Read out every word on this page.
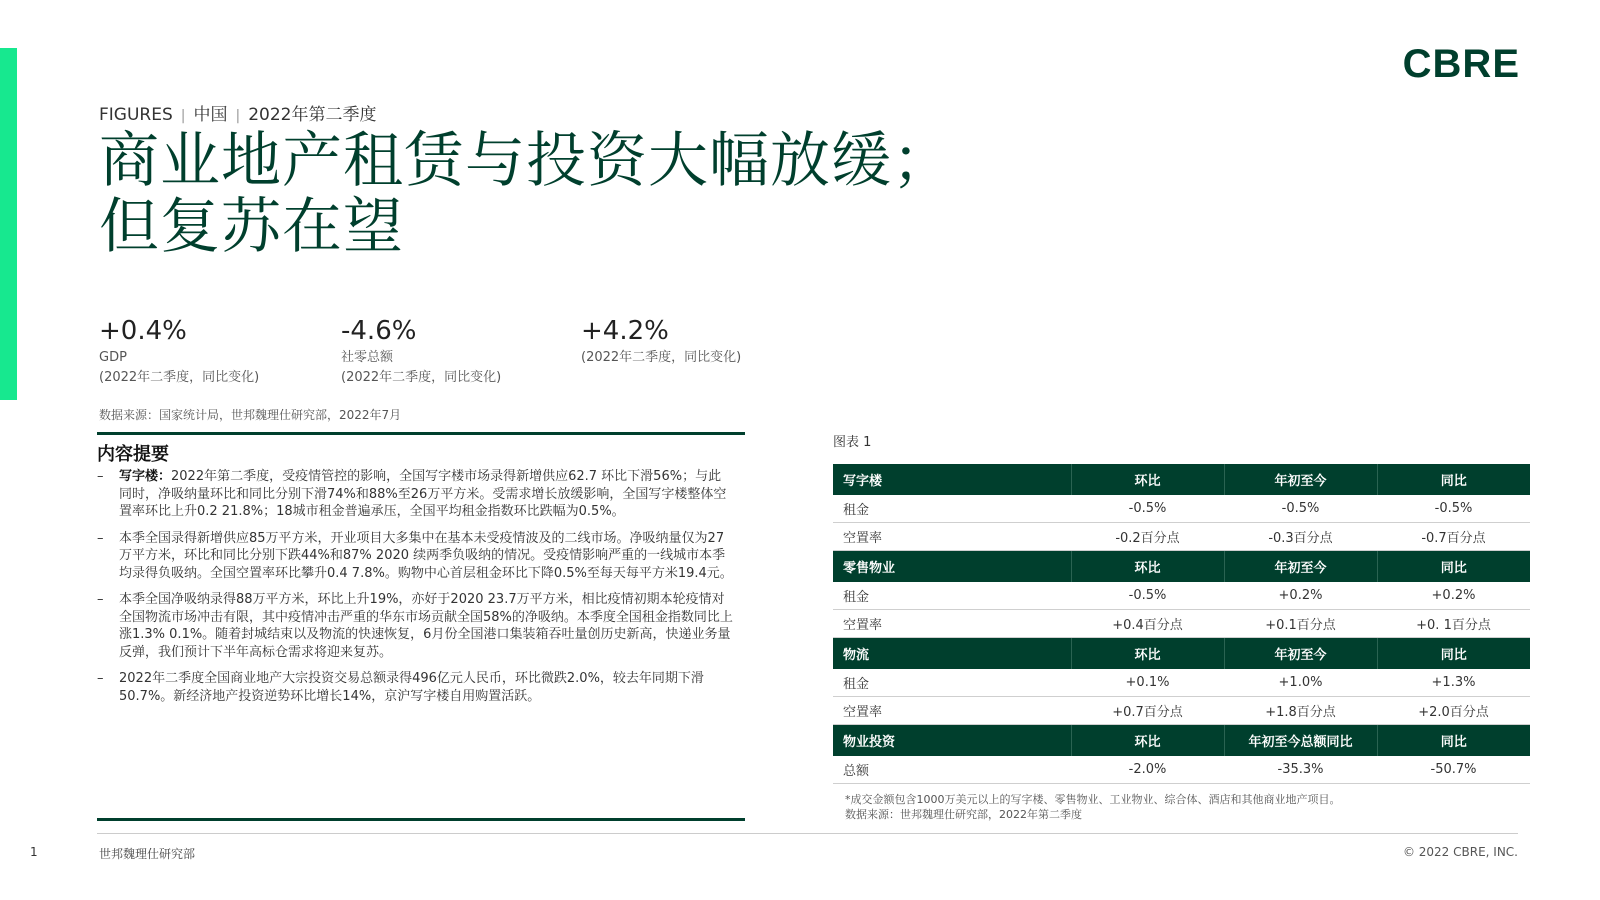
CBRE
FIGURES | 中国 | 2022年第二季度
商业地产租赁与投资大幅放缓；
但复苏在望
+0.4%
GDP
(2022年二季度，同比变化)
-4.6%
社零总额
(2022年二季度，同比变化)
+4.2%
(2022年二季度，同比变化)
数据来源：国家统计局，世邦魏理仕研究部，2022年7月
内容提要
– 写字楼：2022年第二季度，受疫情管控的影响，全国写字楼市场录得新增供应62.7 环比下滑56%；与此同时，净吸纳量环比和同比分别下滑74%和88%至26万平方米。受需求增长放缓影响，全国写字楼整体空置率环比上升0.2 21.8%；18城市租金普遍承压，全国平均租金指数环比跌幅为0.5%。
– 本季全国录得新增供应85万平方米，开业项目大多集中在基本未受疫情波及的二线市场。净吸纳量仅为27万平方米，环比和同比分别下跌44%和87% 2020 续两季负吸纳的情况。受疫情影响严重的一线城市本季均录得负吸纳。全国空置率环比攀升0.4 7.8%。购物中心首层租金环比下降0.5%至每天每平方米19.4元。
– 本季全国净吸纳录得88万平方米，环比上升19%，亦好于2020 23.7万平方米，相比疫情初期本轮疫情对全国物流市场冲击有限，其中疫情冲击严重的华东市场贡献全国58%的净吸纳。本季度全国租金指数同比上涨1.3% 0.1%。随着封城结束以及物流的快速恢复，6月份全国港口集装箱吞吐量创历史新高，快递业务量反弹，我们预计下半年高标仓需求将迎来复苏。
– 2022年二季度全国商业地产大宗投资交易总额录得496亿元人民币，环比微跌2.0%，较去年同期下滑50.7%。新经济地产投资逆势环比增长14%，京沪写字楼自用购置活跃。
图表 1
写字楼	环比	年初至今	同比
租金	-0.5%	-0.5%	-0.5%
空置率	-0.2百分点	-0.3百分点	-0.7百分点
零售物业	环比	年初至今	同比
租金	-0.5%	+0.2%	+0.2%
空置率	+0.4百分点	+0.1百分点	+0. 1百分点
物流	环比	年初至今	同比
租金	+0.1%	+1.0%	+1.3%
空置率	+0.7百分点	+1.8百分点	+2.0百分点
物业投资	环比	年初至今总额同比	同比
总额	-2.0%	-35.3%	-50.7%
*成交金额包含1000万美元以上的写字楼、零售物业、工业物业、综合体、酒店和其他商业地产项目。
数据来源：世邦魏理仕研究部，2022年第二季度
1	世邦魏理仕研究部	© 2022 CBRE, INC.
